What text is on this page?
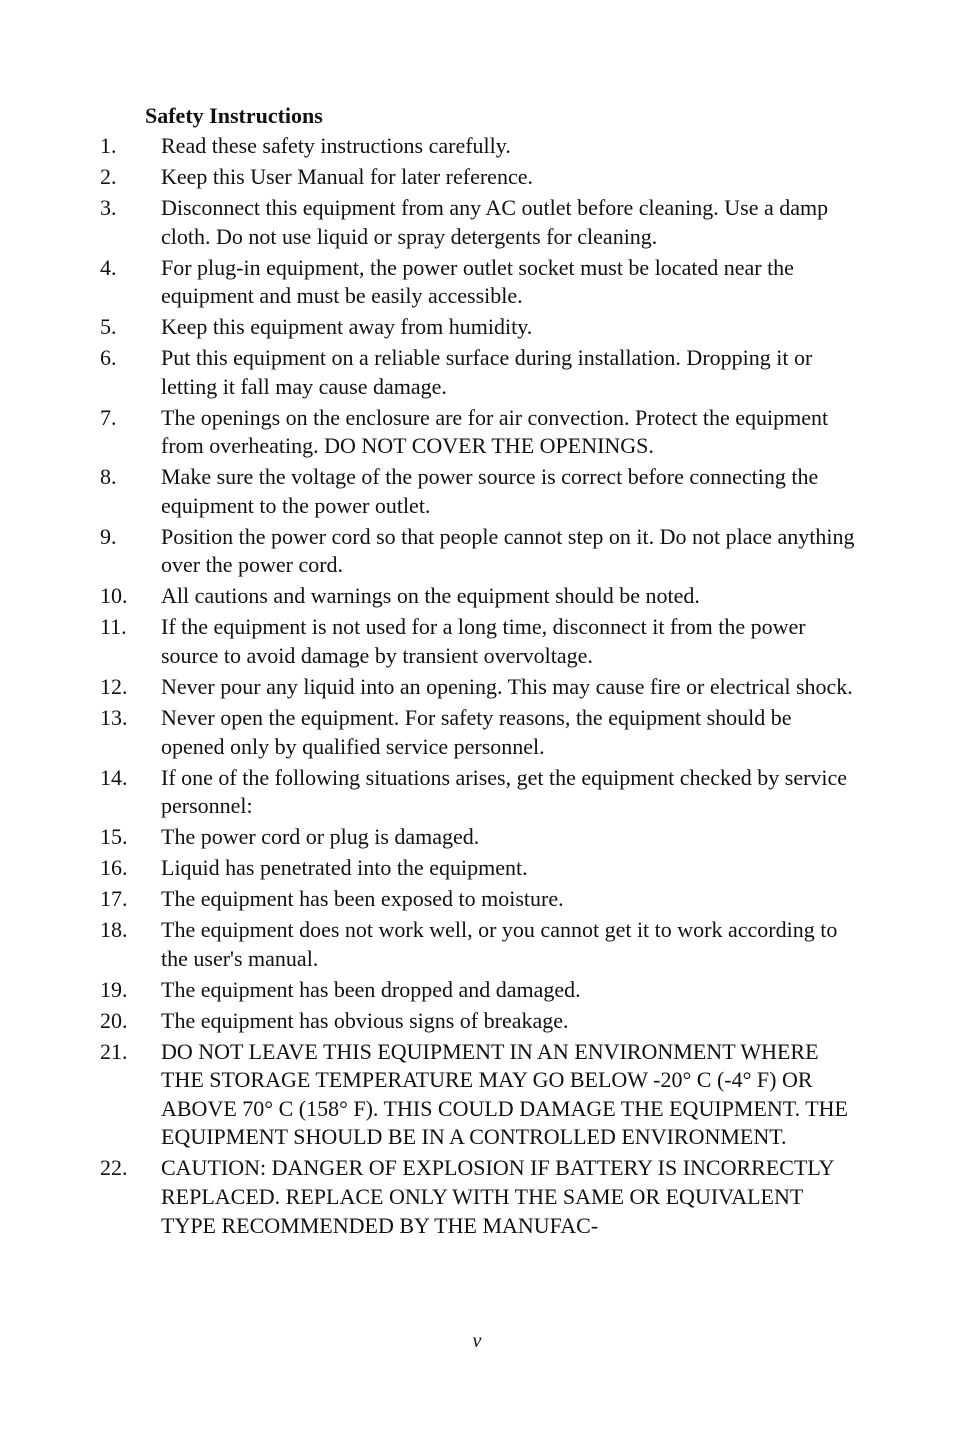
Safety Instructions
1. Read these safety instructions carefully.
2. Keep this User Manual for later reference.
3. Disconnect this equipment from any AC outlet before cleaning. Use a damp cloth. Do not use liquid or spray detergents for cleaning.
4. For plug-in equipment, the power outlet socket must be located near the equipment and must be easily accessible.
5. Keep this equipment away from humidity.
6. Put this equipment on a reliable surface during installation. Dropping it or letting it fall may cause damage.
7. The openings on the enclosure are for air convection. Protect the equipment from overheating. DO NOT COVER THE OPENINGS.
8. Make sure the voltage of the power source is correct before connecting the equipment to the power outlet.
9. Position the power cord so that people cannot step on it. Do not place anything over the power cord.
10. All cautions and warnings on the equipment should be noted.
11. If the equipment is not used for a long time, disconnect it from the power source to avoid damage by transient overvoltage.
12. Never pour any liquid into an opening. This may cause fire or electrical shock.
13. Never open the equipment. For safety reasons, the equipment should be opened only by qualified service personnel.
14. If one of the following situations arises, get the equipment checked by service personnel:
15. The power cord or plug is damaged.
16. Liquid has penetrated into the equipment.
17. The equipment has been exposed to moisture.
18. The equipment does not work well, or you cannot get it to work according to the user's manual.
19. The equipment has been dropped and damaged.
20. The equipment has obvious signs of breakage.
21. DO NOT LEAVE THIS EQUIPMENT IN AN ENVIRONMENT WHERE THE STORAGE TEMPERATURE MAY GO BELOW -20° C (-4° F) OR ABOVE 70° C (158° F). THIS COULD DAMAGE THE EQUIPMENT. THE EQUIPMENT SHOULD BE IN A CONTROLLED ENVIRONMENT.
22. CAUTION: DANGER OF EXPLOSION IF BATTERY IS INCORRECTLY REPLACED. REPLACE ONLY WITH THE SAME OR EQUIVALENT TYPE RECOMMENDED BY THE MANUFAC-
v
